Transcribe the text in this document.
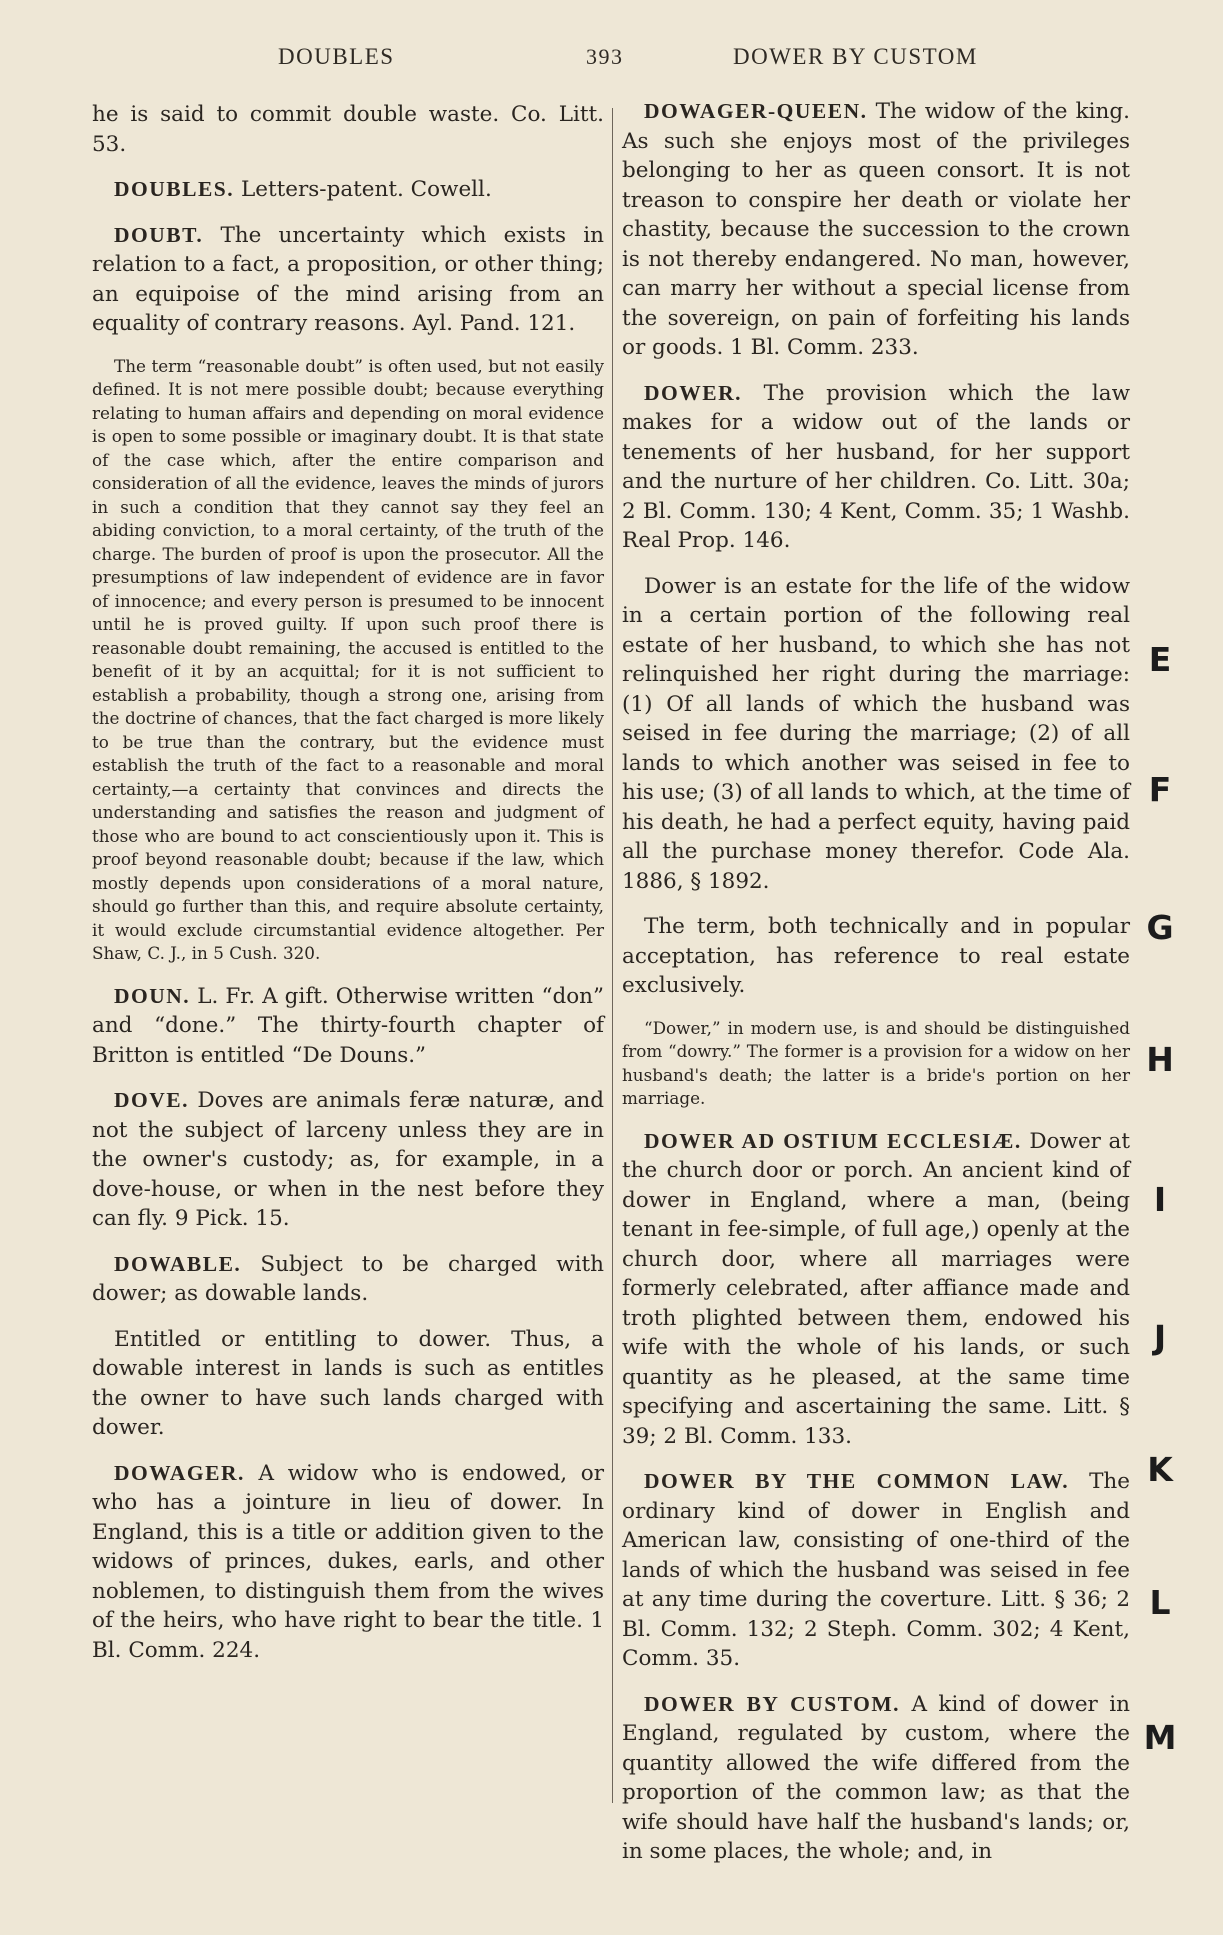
DOUBLES	393	DOWER BY CUSTOM

he is said to commit double waste. Co. Litt. 53.

DOUBLES. Letters-patent. Cowell.

DOUBT. The uncertainty which exists in relation to a fact, a proposition, or other thing; an equipoise of the mind arising from an equality of contrary reasons. Ayl. Pand. 121.

The term “reasonable doubt” is often used, but not easily defined. It is not mere possible doubt; because everything relating to human affairs and depending on moral evidence is open to some possible or imaginary doubt. It is that state of the case which, after the entire comparison and consideration of all the evidence, leaves the minds of jurors in such a condition that they cannot say they feel an abiding conviction, to a moral certainty, of the truth of the charge. The burden of proof is upon the prosecutor. All the presumptions of law independent of evidence are in favor of innocence; and every person is presumed to be innocent until he is proved guilty. If upon such proof there is reasonable doubt remaining, the accused is entitled to the benefit of it by an acquittal; for it is not sufficient to establish a probability, though a strong one, arising from the doctrine of chances, that the fact charged is more likely to be true than the contrary, but the evidence must establish the truth of the fact to a reasonable and moral certainty,—a certainty that convinces and directs the understanding and satisfies the reason and judgment of those who are bound to act conscientiously upon it. This is proof beyond reasonable doubt; because if the law, which mostly depends upon considerations of a moral nature, should go further than this, and require absolute certainty, it would exclude circumstantial evidence altogether. Per Shaw, C. J., in 5 Cush. 320.

DOUN. L. Fr. A gift. Otherwise written “don” and “done.” The thirty-fourth chapter of Britton is entitled “De Douns.”

DOVE. Doves are animals feræ naturæ, and not the subject of larceny unless they are in the owner's custody; as, for example, in a dove-house, or when in the nest before they can fly. 9 Pick. 15.

DOWABLE. Subject to be charged with dower; as dowable lands.

Entitled or entitling to dower. Thus, a dowable interest in lands is such as entitles the owner to have such lands charged with dower.

DOWAGER. A widow who is endowed, or who has a jointure in lieu of dower. In England, this is a title or addition given to the widows of princes, dukes, earls, and other noblemen, to distinguish them from the wives of the heirs, who have right to bear the title. 1 Bl. Comm. 224.

DOWAGER-QUEEN. The widow of the king. As such she enjoys most of the privileges belonging to her as queen consort. It is not treason to conspire her death or violate her chastity, because the succession to the crown is not thereby endangered. No man, however, can marry her without a special license from the sovereign, on pain of forfeiting his lands or goods. 1 Bl. Comm. 233.

DOWER. The provision which the law makes for a widow out of the lands or tenements of her husband, for her support and the nurture of her children. Co. Litt. 30a; 2 Bl. Comm. 130; 4 Kent, Comm. 35; 1 Washb. Real Prop. 146.

Dower is an estate for the life of the widow in a certain portion of the following real estate of her husband, to which she has not relinquished her right during the marriage: (1) Of all lands of which the husband was seised in fee during the marriage; (2) of all lands to which another was seised in fee to his use; (3) of all lands to which, at the time of his death, he had a perfect equity, having paid all the purchase money therefor. Code Ala. 1886, § 1892.

The term, both technically and in popular acceptation, has reference to real estate exclusively.

“Dower,” in modern use, is and should be distinguished from “dowry.” The former is a provision for a widow on her husband's death; the latter is a bride's portion on her marriage.

DOWER AD OSTIUM ECCLESIÆ. Dower at the church door or porch. An ancient kind of dower in England, where a man, (being tenant in fee-simple, of full age,) openly at the church door, where all marriages were formerly celebrated, after affiance made and troth plighted between them, endowed his wife with the whole of his lands, or such quantity as he pleased, at the same time specifying and ascertaining the same. Litt. § 39; 2 Bl. Comm. 133.

DOWER BY THE COMMON LAW. The ordinary kind of dower in English and American law, consisting of one-third of the lands of which the husband was seised in fee at any time during the coverture. Litt. § 36; 2 Bl. Comm. 132; 2 Steph. Comm. 302; 4 Kent, Comm. 35.

DOWER BY CUSTOM. A kind of dower in England, regulated by custom, where the quantity allowed the wife differed from the proportion of the common law; as that the wife should have half the husband's lands; or, in some places, the whole; and, in

E
F
G
H
I
J
K
L
M
